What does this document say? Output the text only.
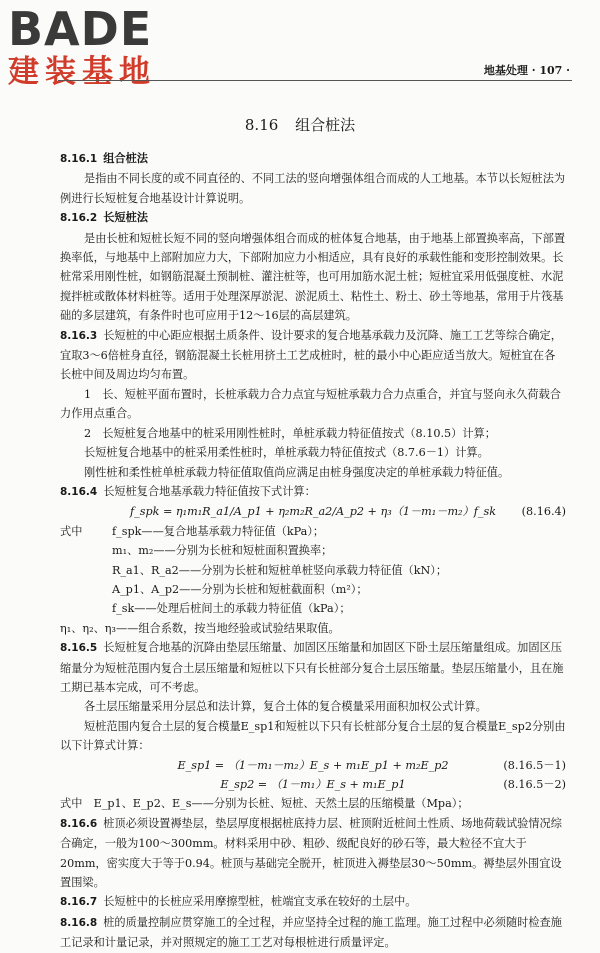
BADE
建装基地	地基处理 · 107 ·
8.16 组合桩法

8.16.1 组合桩法

是指由不同长度的或不同直径的、不同工法的竖向增强体组合而成的人工地基。本节以长短桩法为例进行长短桩复合地基设计计算说明。

8.16.2 长短桩法

是由长桩和短桩长短不同的竖向增强体组合而成的桩体复合地基，由于地基上部置换率高，下部置换率低，与地基中上部附加应力大，下部附加应力小相适应，具有良好的承载性能和变形控制效果。长桩常采用刚性桩，如钢筋混凝土预制桩、灌注桩等，也可用加筋水泥土桩；短桩宜采用低强度桩、水泥搅拌桩或散体材料桩等。适用于处理深厚淤泥、淤泥质土、粘性土、粉土、砂土等地基，常用于片筏基础的多层建筑，有条件时也可应用于12～16层的高层建筑。

8.16.3 长短桩的中心距应根据土质条件、设计要求的复合地基承载力及沉降、施工工艺等综合确定，宜取3～6倍桩身直径，钢筋混凝土长桩用挤土工艺成桩时，桩的最小中心距应适当放大。短桩宜在各长桩中间及周边均匀布置。

1　长、短桩平面布置时，长桩承载力合力点宜与短桩承载力合力点重合，并宜与竖向永久荷载合力作用点重合。

2　长短桩复合地基中的桩采用刚性桩时，单桩承载力特征值按式（8.10.5）计算；

长短桩复合地基中的桩采用柔性桩时，单桩承载力特征值按式（8.7.6－1）计算。

刚性桩和柔性桩单桩承载力特征值取值尚应满足由桩身强度决定的单桩承载力特征值。

8.16.4 长短桩复合地基承载力特征值按下式计算：

f_spk = η₁m₁R_a1/A_p1 + η₂m₂R_a2/A_p2 + η₃（1－m₁－m₂）f_sk (8.16.4)

式中	f_spk——复合地基承载力特征值（kPa）；

m₁、m₂——分别为长桩和短桩面积置换率；

R_a1、R_a2——分别为长桩和短桩单桩竖向承载力特征值（kN）；

A_p1、A_p2——分别为长桩和短桩截面积（m²）；

f_sk——处理后桩间土的承载力特征值（kPa）；

η₁、η₂、η₃——组合系数，按当地经验或试验结果取值。

8.16.5 长短桩复合地基的沉降由垫层压缩量、加固区压缩量和加固区下卧土层压缩量组成。加固区压缩量分为短桩范围内复合土层压缩量和短桩以下只有长桩部分复合土层压缩量。垫层压缩量小，且在施工期已基本完成，可不考虑。

各土层压缩量采用分层总和法计算，复合土体的复合模量采用面积加权公式计算。

短桩范围内复合土层的复合模量E_sp1和短桩以下只有长桩部分复合土层的复合模量E_sp2分别由以下计算式计算：

E_sp1 = （1－m₁－m₂）E_s + m₁E_p1 + m₂E_p2	(8.16.5－1)

E_sp2 = （1－m₁）E_s + m₁E_p1	(8.16.5－2)

式中　E_p1、E_p2、E_s——分别为长桩、短桩、天然土层的压缩模量（Mpa）；

8.16.6 桩顶必须设置褥垫层，垫层厚度根据桩底持力层、桩顶附近桩间土性质、场地荷载试验情况综合确定，一般为100～300mm。材料采用中砂、粗砂、级配良好的砂石等，最大粒径不宜大于20mm，密实度大于等于0.94。桩顶与基础完全脱开，桩顶进入褥垫层30～50mm。褥垫层外围宜设置围梁。

8.16.7 长短桩中的长桩应采用摩擦型桩，桩端宜支承在较好的土层中。

8.16.8 桩的质量控制应贯穿施工的全过程，并应坚持全过程的施工监理。施工过程中必须随时检查施工记录和计量记录，并对照规定的施工工艺对每根桩进行质量评定。
